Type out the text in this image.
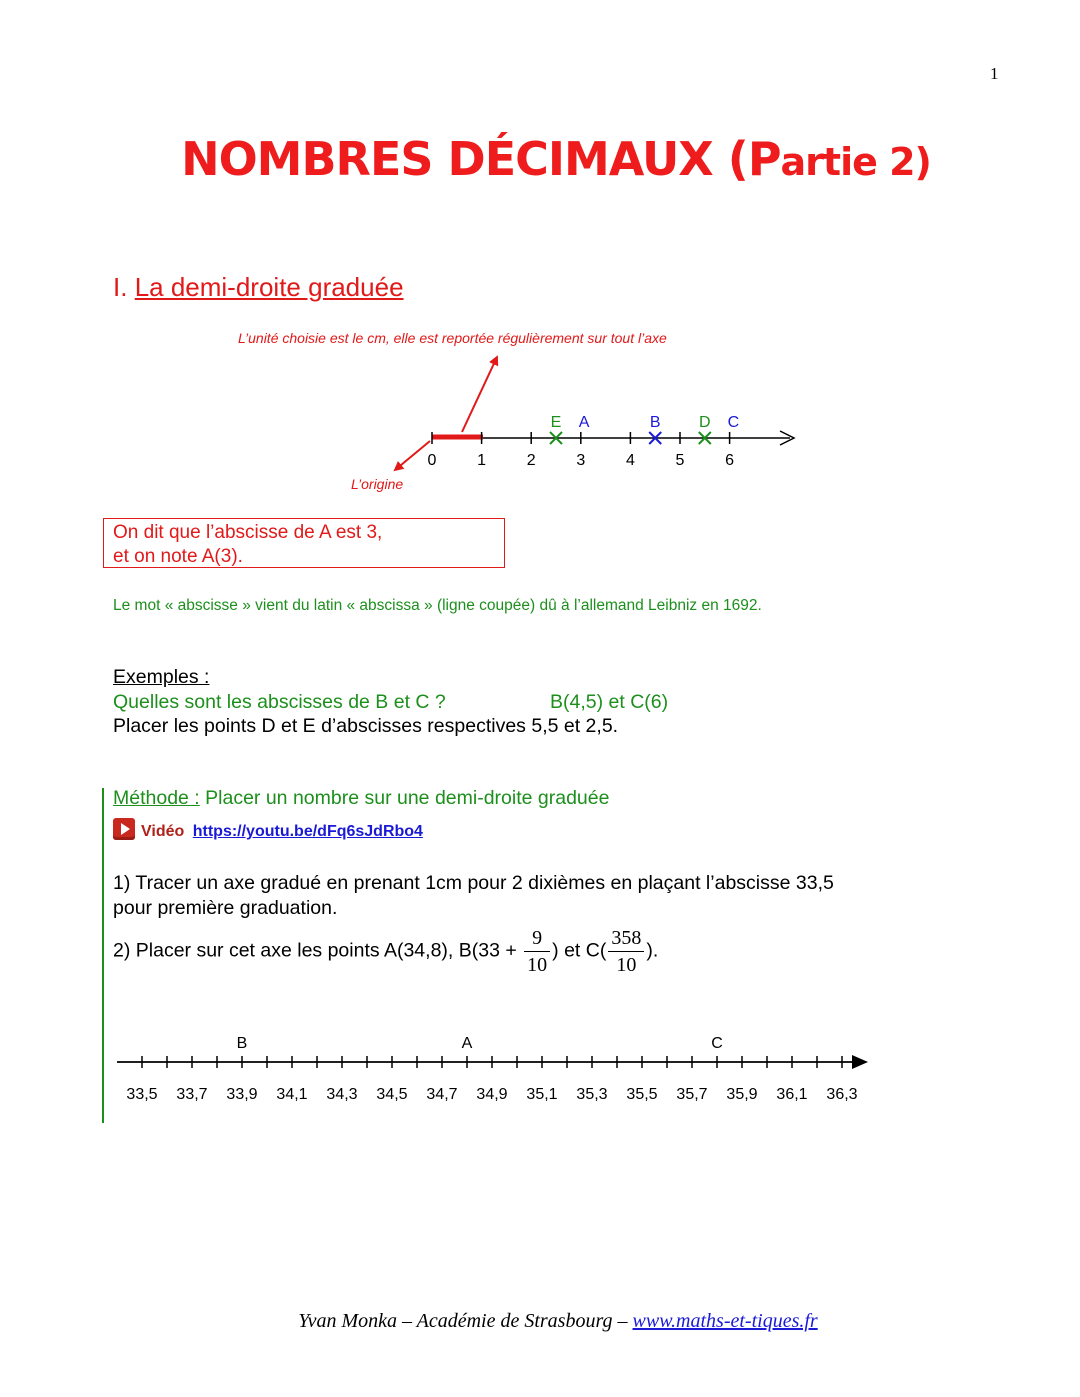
1
NOMBRES DÉCIMAUX (Partie 2)
I. La demi-droite graduée
L’unité choisie est le cm, elle est reportée régulièrement sur tout l’axe
L’origine
0	1	2	3	4	5	6
E A	B D C
On dit que l’abscisse de A est 3,
et on note A(3).
Le mot « abscisse » vient du latin « abscissa » (ligne coupée) dû à l’allemand Leibniz en 1692.
Exemples :
Quelles sont les abscisses de B et C ?	B(4,5) et C(6)
Placer les points D et E d’abscisses respectives 5,5 et 2,5.
Méthode : Placer un nombre sur une demi-droite graduée
Vidéo https://youtu.be/dFq6sJdRbo4
1) Tracer un axe gradué en prenant 1cm pour 2 dixièmes en plaçant l’abscisse 33,5 pour première graduation.
2) Placer sur cet axe les points A(34,8), $B(33 + \frac{9}{10}$ ) et $C( \frac{358}{10}$ ).
33,5 33,7 33,9 34,1 34,3 34,5 34,7 34,9 35,1 35,3 35,5 35,7 35,9 36,1 36,3
B	A	C
Yvan Monka – Académie de Strasbourg – www.maths-et-tiques.fr
